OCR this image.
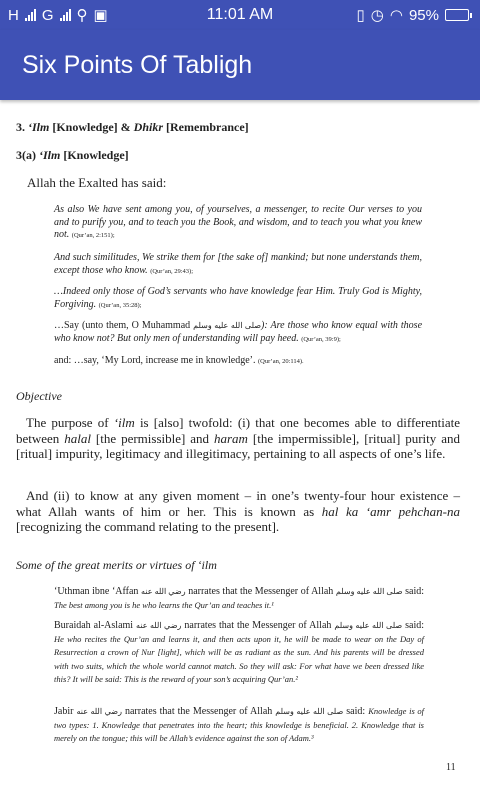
H G ⚲ ▣	11:01 AM	▯ ◷ ◠ 95%
Six Points Of Tabligh
3. ‘Ilm [Knowledge] & Dhikr [Remembrance]
3(a) ‘Ilm [Knowledge]
Allah the Exalted has said:
As also We have sent among you, of yourselves, a messenger, to recite Our verses to you and to purify you, and to teach you the Book, and wisdom, and to teach you what you knew not. (Qur’an, 2:151);
And such similitudes, We strike them for [the sake of] mankind; but none understands them, except those who know. (Qur’an, 29:43);
…Indeed only those of God’s servants who have knowledge fear Him. Truly God is Mighty, Forgiving. (Qur’an, 35:28);
…Say (unto them, O Muhammad صلى الله عليه وسلم): Are those who know equal with those who know not? But only men of understanding will pay heed. (Qur’an, 39:9);
and: …say, ‘My Lord, increase me in knowledge’. (Qur’an, 20:114).
Objective
The purpose of ‘ilm is [also] twofold: (i) that one becomes able to differentiate between halal [the permissible] and haram [the impermissible], [ritual] purity and [ritual] impurity, legitimacy and illegitimacy, pertaining to all aspects of one’s life.
And (ii) to know at any given moment – in one’s twenty-four hour existence – what Allah wants of him or her. This is known as hal ka ‘amr pehchan-na [recognizing the command relating to the present].
Some of the great merits or virtues of ‘ilm
‘Uthman ibne ‘Affan رضي الله عنه narrates that the Messenger of Allah صلى الله عليه وسلم said: The best among you is he who learns the Qur’an and teaches it.¹
Buraidah al-Aslami رضي الله عنه narrates that the Messenger of Allah صلى الله عليه وسلم said: He who recites the Qur’an and learns it, and then acts upon it, he will be made to wear on the Day of Resurrection a crown of Nur [light], which will be as radiant as the sun. And his parents will be dressed with two suits, which the whole world cannot match. So they will ask: For what have we been dressed like this? It will be said: This is the reward of your son’s acquiring Qur’an.²
Jabir رضي الله عنه narrates that the Messenger of Allah صلى الله عليه وسلم said: Knowledge is of two types: 1. Knowledge that penetrates into the heart; this knowledge is beneficial. 2. Knowledge that is merely on the tongue; this will be Allah’s evidence against the son of Adam.³
11
